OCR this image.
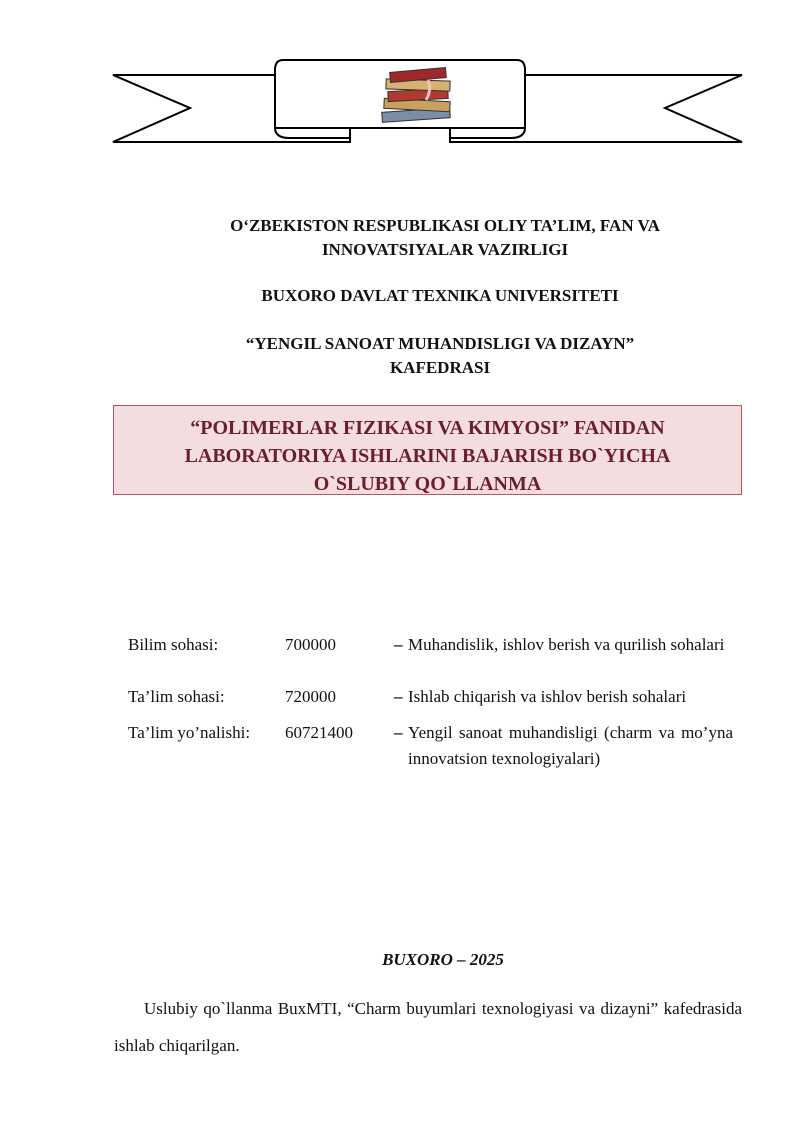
O‘ZBEKISTON RESPUBLIKASI OLIY TA’LIM, FAN VA
INNOVATSIYALAR VAZIRLIGI
BUXORO DAVLAT TEXNIKA UNIVERSITETI
“YENGIL SANOAT MUHANDISLIGI VA DIZAYN”
KAFEDRASI
“POLIMERLAR FIZIKASI VA KIMYOSI” FANIDAN
LABORATORIYA ISHLARINI BAJARISH BO`YICHA
O`SLUBIY QO`LLANMA
Bilim sohasi:	700000	– Muhandislik, ishlov berish va qurilish sohalari
Ta’lim sohasi:	720000	– Ishlab chiqarish va ishlov berish sohalari
Ta’lim yo’nalishi: 60721400 – Yengil sanoat muhandisligi (charm va mo’yna innovatsion texnologiyalari)
BUXORO – 2025
Uslubiy qo`llanma BuxMTI, “Charm buyumlari texnologiyasi va dizayni” kafedrasida ishlab chiqarilgan.
